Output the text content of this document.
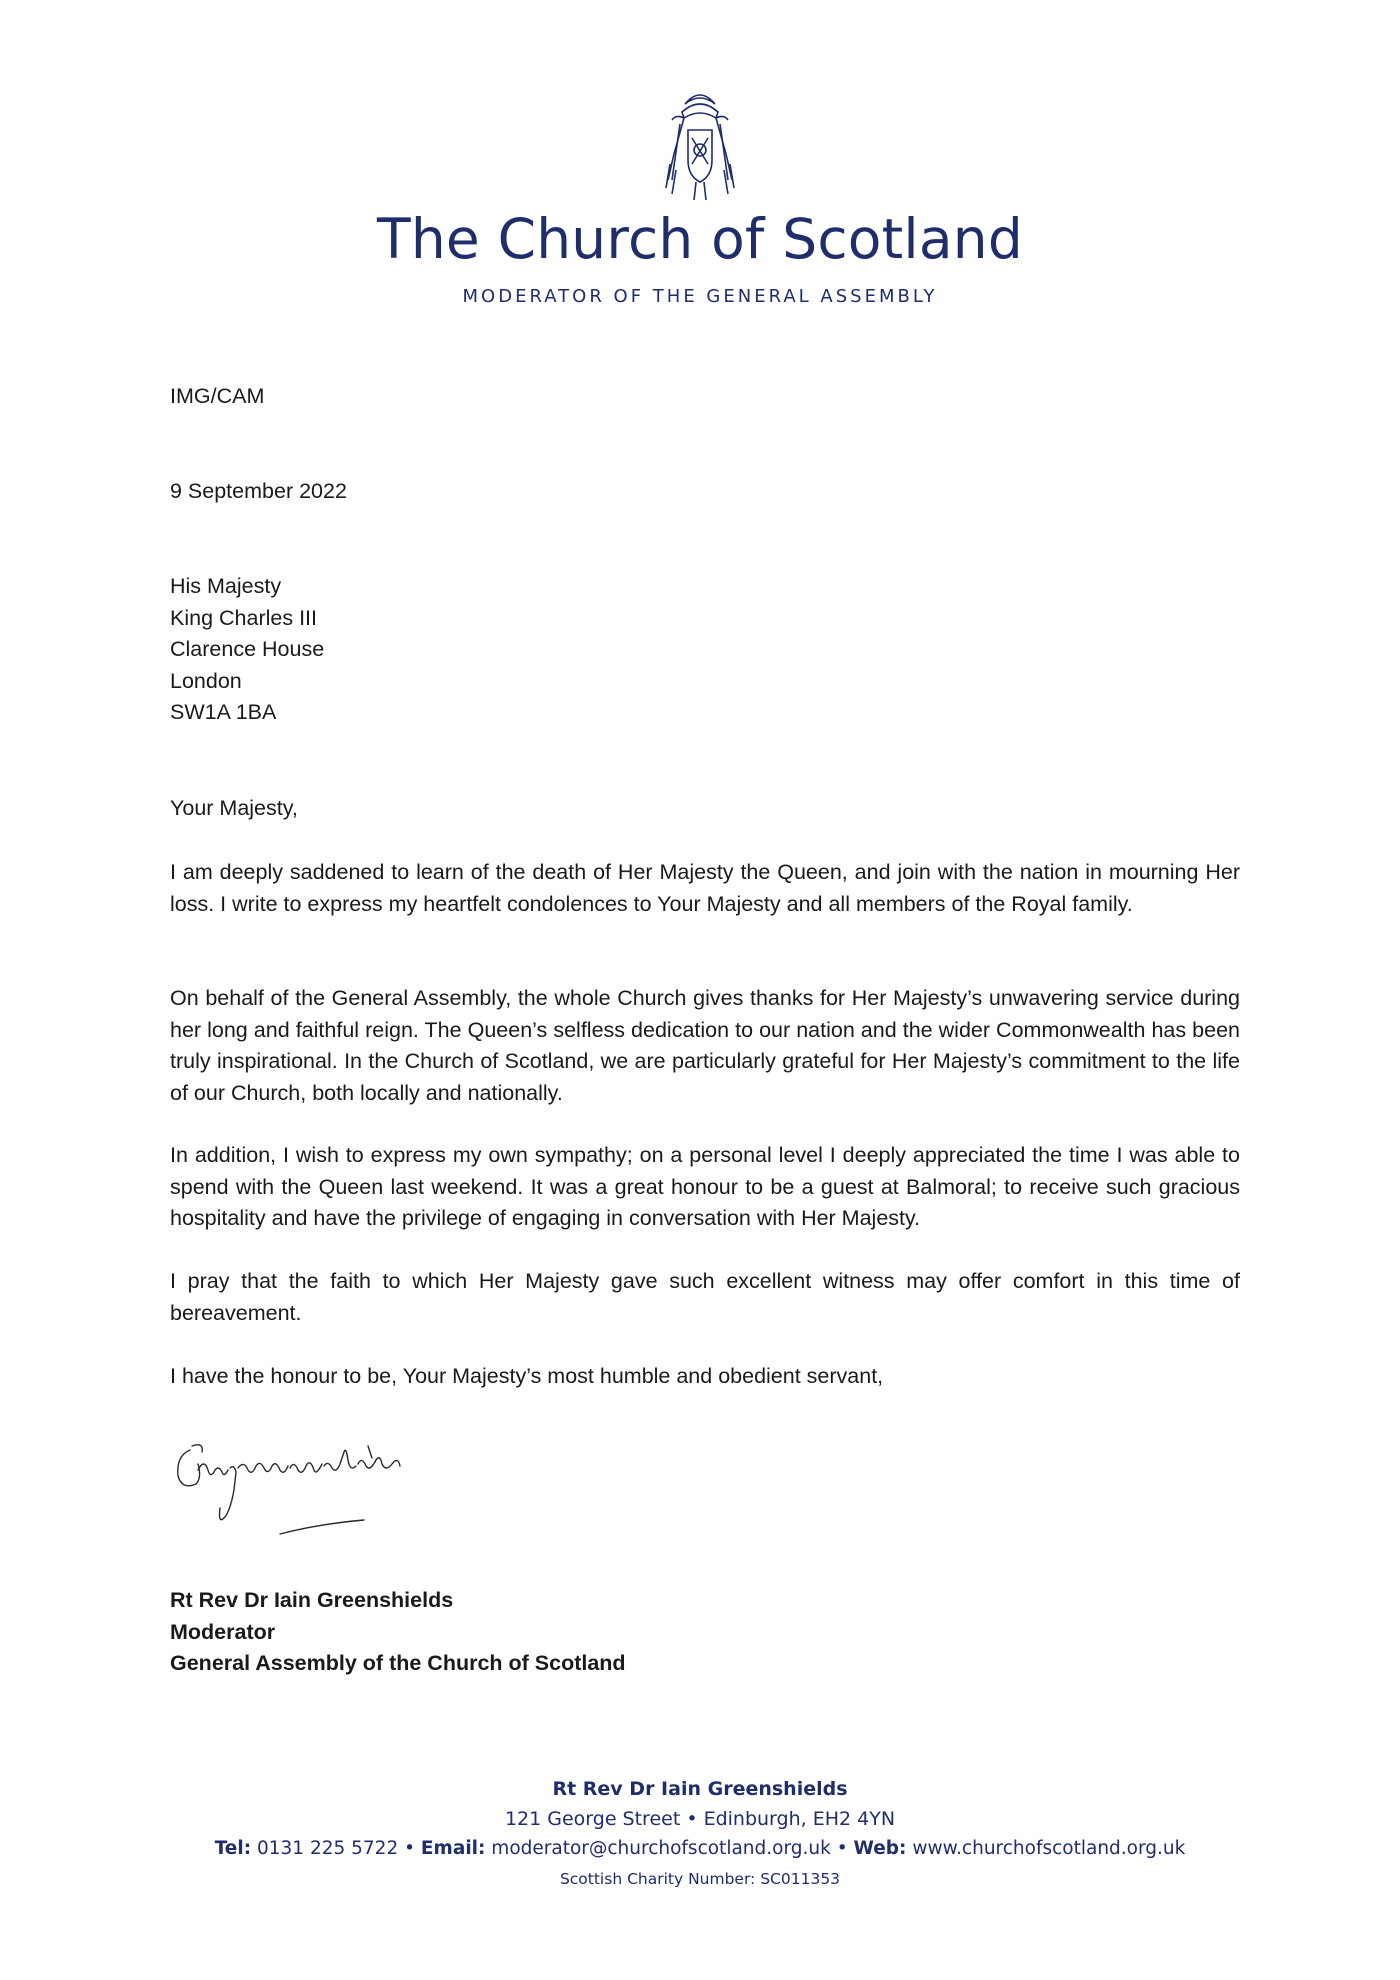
The Church of Scotland
MODERATOR OF THE GENERAL ASSEMBLY
IMG/CAM
9 September 2022
His Majesty
King Charles III
Clarence House
London
SW1A 1BA
Your Majesty,
I am deeply saddened to learn of the death of Her Majesty the Queen, and join with the nation in mourning Her loss. I write to express my heartfelt condolences to Your Majesty and all members of the Royal family.
On behalf of the General Assembly, the whole Church gives thanks for Her Majesty’s unwavering service during her long and faithful reign. The Queen’s selfless dedication to our nation and the wider Commonwealth has been truly inspirational. In the Church of Scotland, we are particularly grateful for Her Majesty’s commitment to the life of our Church, both locally and nationally.
In addition, I wish to express my own sympathy; on a personal level I deeply appreciated the time I was able to spend with the Queen last weekend. It was a great honour to be a guest at Balmoral; to receive such gracious hospitality and have the privilege of engaging in conversation with Her Majesty.
I pray that the faith to which Her Majesty gave such excellent witness may offer comfort in this time of bereavement.
I have the honour to be, Your Majesty’s most humble and obedient servant,
Rt Rev Dr Iain Greenshields
Moderator
General Assembly of the Church of Scotland
Rt Rev Dr Iain Greenshields
121 George Street • Edinburgh, EH2 4YN
Tel: 0131 225 5722 • Email: moderator@churchofscotland.org.uk • Web: www.churchofscotland.org.uk
Scottish Charity Number: SC011353
